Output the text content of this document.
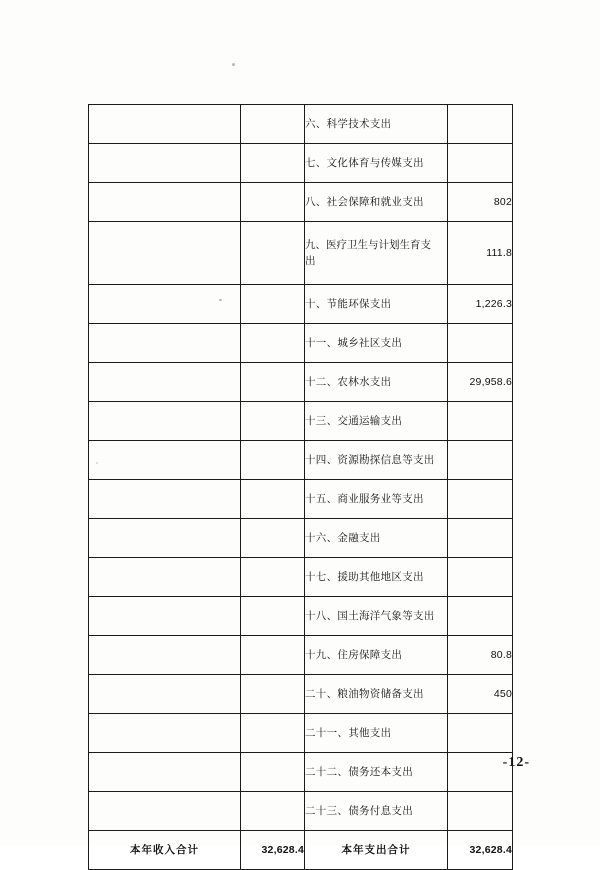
		六、科学技术支出	
		七、文化体育与传媒支出	
		八、社会保障和就业支出	802
		九、医疗卫生与计划生育支
出	111.8
		十、节能环保支出	1,226.3
		十一、城乡社区支出	
		十二、农林水支出	29,958.6
		十三、交通运输支出	
		十四、资源勘探信息等支出	
		十五、商业服务业等支出	
		十六、金融支出	
		十七、援助其他地区支出	
		十八、国土海洋气象等支出	
		十九、住房保障支出	80.8
		二十、粮油物资储备支出	450
		二十一、其他支出	
		二十二、债务还本支出	
		二十三、债务付息支出	
本年收入合计	32,628.4	本年支出合计	32,628.4
-12-
